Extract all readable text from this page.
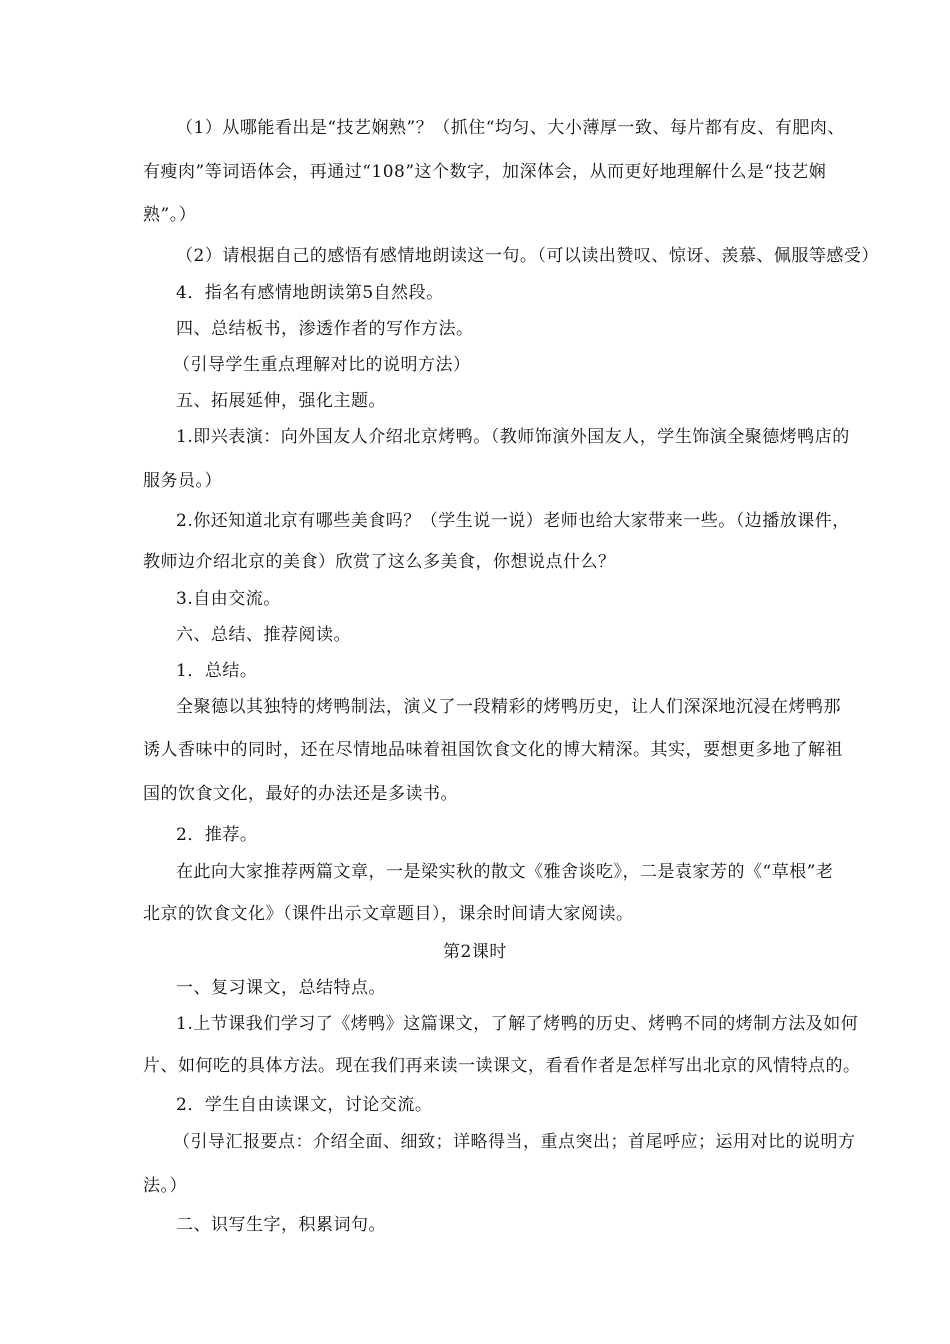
（1）从哪能看出是“技艺娴熟”？（抓住“均匀、大小薄厚一致、每片都有皮、有肥肉、
有瘦肉”等词语体会，再通过“108”这个数字，加深体会，从而更好地理解什么是“技艺娴
熟”。）
（2）请根据自己的感悟有感情地朗读这一句。（可以读出赞叹、惊讶、羡慕、佩服等感受）
4．指名有感情地朗读第5自然段。
四、总结板书，渗透作者的写作方法。
（引导学生重点理解对比的说明方法）
五、拓展延伸，强化主题。
1.即兴表演：向外国友人介绍北京烤鸭。（教师饰演外国友人，学生饰演全聚德烤鸭店的
服务员。）
2.你还知道北京有哪些美食吗？（学生说一说）老师也给大家带来一些。（边播放课件，
教师边介绍北京的美食）欣赏了这么多美食，你想说点什么？
3.自由交流。
六、总结、推荐阅读。
1．总结。
全聚德以其独特的烤鸭制法，演义了一段精彩的烤鸭历史，让人们深深地沉浸在烤鸭那
诱人香味中的同时，还在尽情地品味着祖国饮食文化的博大精深。其实，要想更多地了解祖
国的饮食文化，最好的办法还是多读书。
2．推荐。
在此向大家推荐两篇文章，一是梁实秋的散文《雅舍谈吃》，二是袁家芳的《“草根”老
北京的饮食文化》（课件出示文章题目），课余时间请大家阅读。
第2课时
一、复习课文，总结特点。
1.上节课我们学习了《烤鸭》这篇课文，了解了烤鸭的历史、烤鸭不同的烤制方法及如何
片、如何吃的具体方法。现在我们再来读一读课文，看看作者是怎样写出北京的风情特点的。
2．学生自由读课文，讨论交流。
（引导汇报要点：介绍全面、细致；详略得当，重点突出；首尾呼应；运用对比的说明方
法。）
二、识写生字，积累词句。
